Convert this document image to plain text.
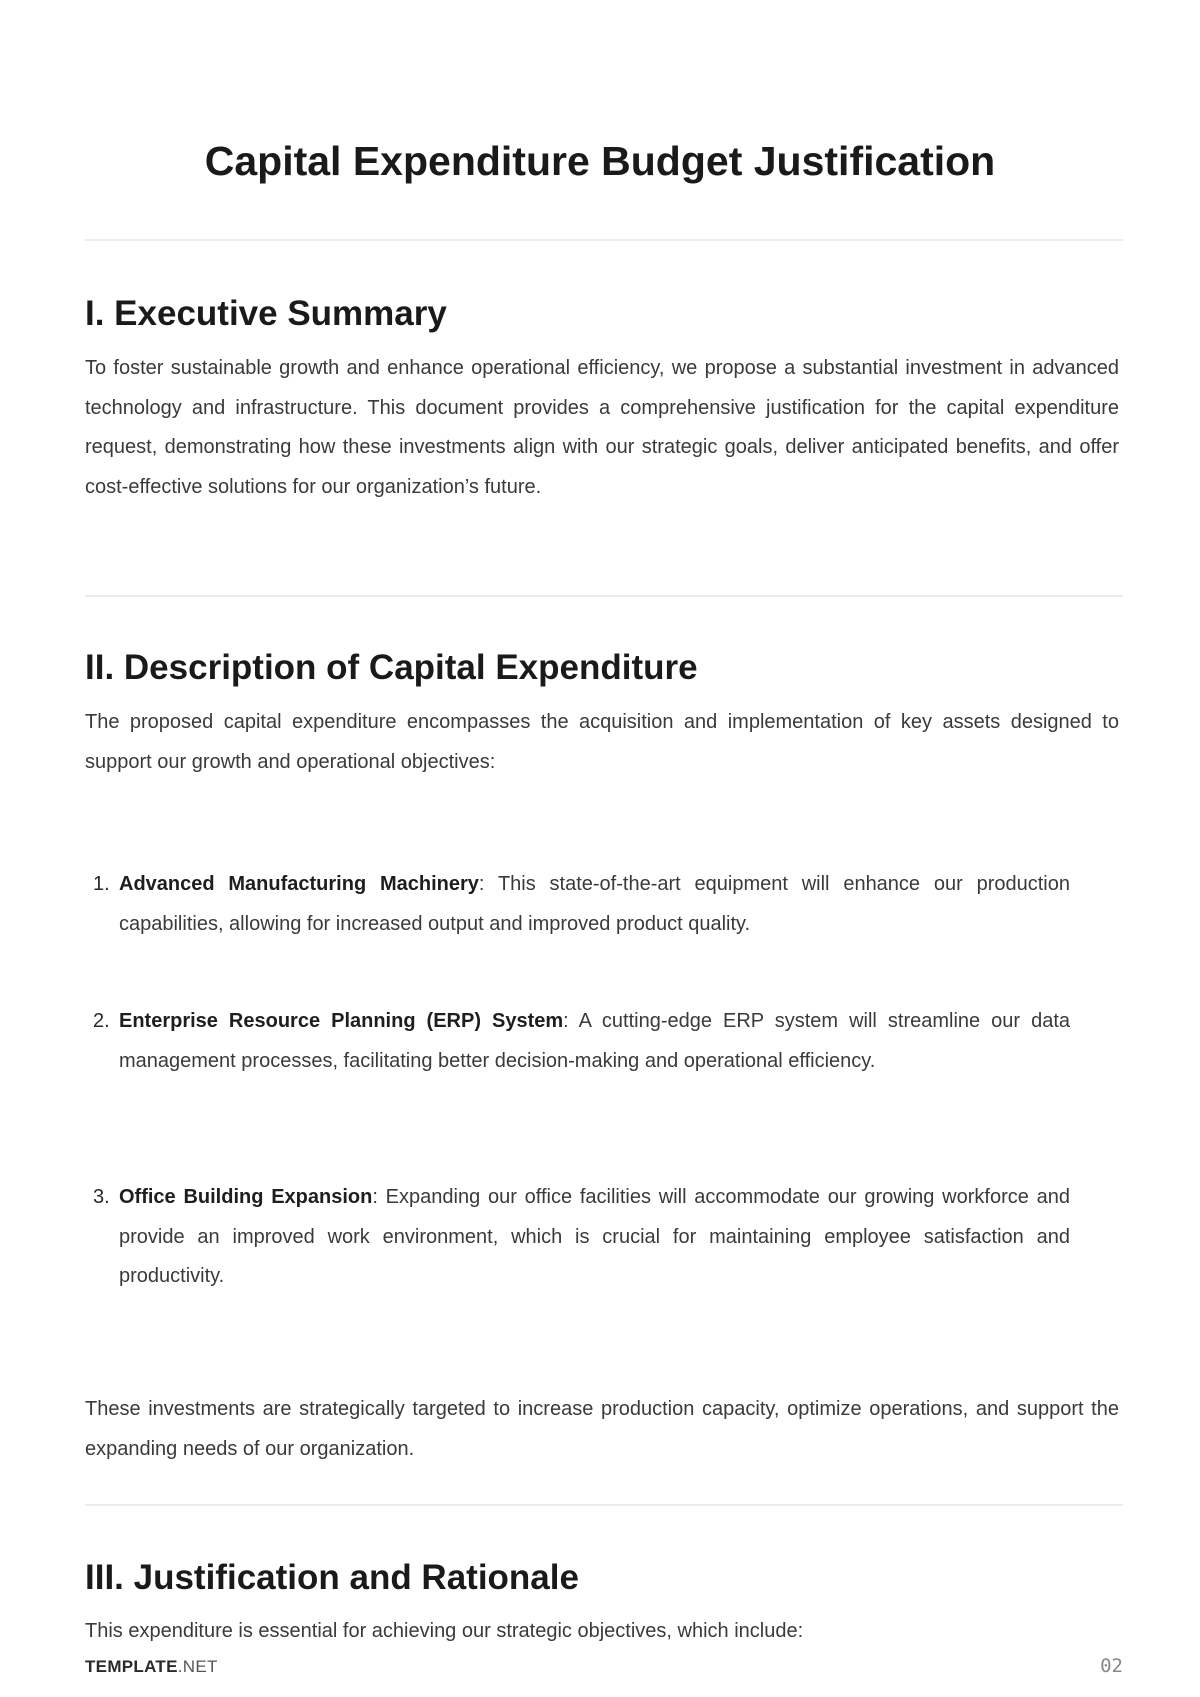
Capital Expenditure Budget Justification
I. Executive Summary

To foster sustainable growth and enhance operational efficiency, we propose a substantial investment in advanced technology and infrastructure. This document provides a comprehensive justification for the capital expenditure request, demonstrating how these investments align with our strategic goals, deliver anticipated benefits, and offer cost-effective solutions for our organization’s future.

II. Description of Capital Expenditure

The proposed capital expenditure encompasses the acquisition and implementation of key assets designed to support our growth and operational objectives:

1. Advanced Manufacturing Machinery: This state-of-the-art equipment will enhance our production capabilities, allowing for increased output and improved product quality.
2. Enterprise Resource Planning (ERP) System: A cutting-edge ERP system will streamline our data management processes, facilitating better decision-making and operational efficiency.
3. Office Building Expansion: Expanding our office facilities will accommodate our growing workforce and provide an improved work environment, which is crucial for maintaining employee satisfaction and productivity.

These investments are strategically targeted to increase production capacity, optimize operations, and support the expanding needs of our organization.

III. Justification and Rationale

This expenditure is essential for achieving our strategic objectives, which include:

TEMPLATE.NET	02
